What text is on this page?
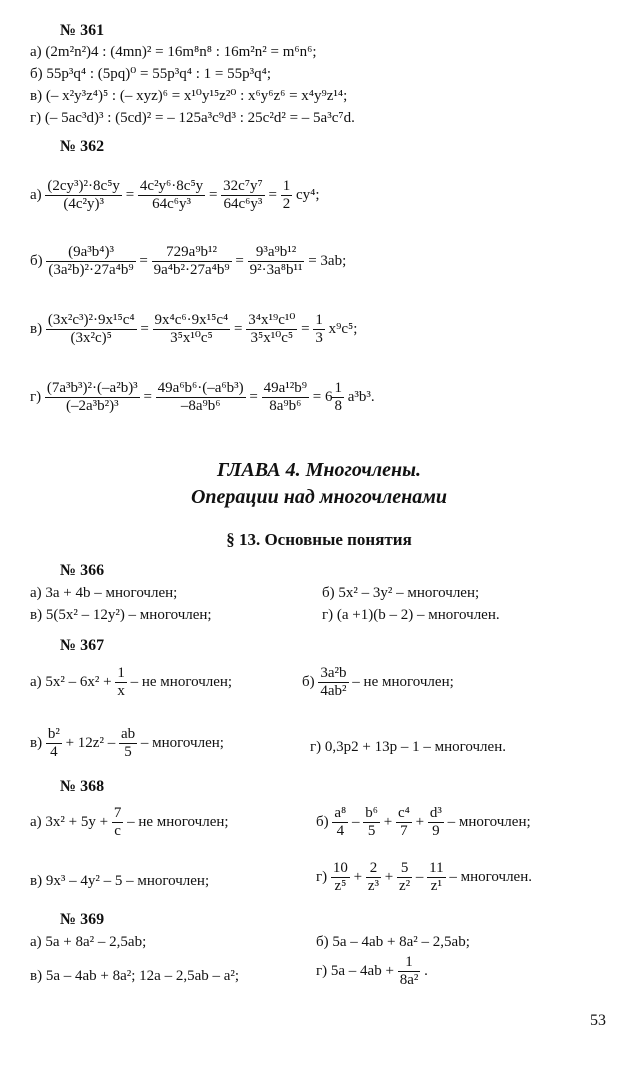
№ 361
а) (2m²n²)4 : (4mn)² = 16m⁸n⁸ : 16m²n² = m⁶n⁶;
б) 55p³q⁴ : (5pq)⁰ = 55p³q⁴ : 1 = 55p³q⁴;
в) (– x²y³z⁴)⁵ : (– xyz)⁶ = x¹⁰y¹⁵z²⁰ : x⁶y⁶z⁶ = x⁴y⁹z¹⁴;
г) (– 5ac³d)³ : (5cd)² = – 125a³c⁹d³ : 25c²d² = – 5a³c⁷d.
№ 362
$а) \frac{\text{(2cy³)²·8c⁵y}}{\text{(4c²y)³}} = \frac{\text{4c²y⁶·8c⁵y}}{\text{64c⁶y³}} = \frac{\text{32c⁷y⁷}}{\text{64c⁶y³}} = \frac{1}{2} cy^4$;
$б) \frac{\text{(9a³b⁴)³}}{\text{(3a²b)²·27a⁴b⁹}} = \frac{\text{729a⁹b¹²}}{\text{9a⁴b²·27a⁴b⁹}} = \frac{\text{9³a⁹b¹²}}{\text{9²·3a⁸b¹¹}} = 3ab$;
$в) \frac{\text{(3x²c³)²·9x¹⁵c⁴}}{\text{(3x²c)⁵}} = \frac{\text{9x⁴c⁶·9x¹⁵c⁴}}{\text{3⁵x¹⁰c⁵}} = \frac{\text{3⁴x¹⁹c¹⁰}}{\text{3⁵x¹⁰c⁵}} = \frac{1}{3} x^9c^5$;
$г) \frac{\text{(7a³b³)²·(–a²b)³}}{\text{(–2a³b²)³}} = \frac{\text{49a⁶b⁶·(–a⁶b³)}}{\text{–8a⁹b⁶}} = \frac{\text{49a¹²b⁹}}{\text{8a⁹b⁶}} = 6 \frac{1}{8} a^3b^3$.
ГЛАВА 4. Многочлены.
Операции над многочленами
§ 13. Основные понятия
№ 366
а) 3a + 4b – многочлен;	б) 5x² – 3y² – многочлен;
в) 5(5x² – 12y²) – многочлен;	г) (a +1)(b – 2) – многочлен.
№ 367
а) $5x^2 - 6x^2 + \frac{1}{x}$ – не многочлен;	$б) \frac{\text{3a²b}}{\text{4ab²}}$ – не многочлен;
$в) \frac{\text{b²}}{4} + 12z^2 - \frac{ab}{5}$ – многочлен;	г) 0,3p2 + 13p – 1 – многочлен.
№ 368
а) $3x^2 + 5y + \frac{7}{c}$ – не многочлен;	$б) \frac{\text{a⁸}}{4} - \frac{\text{b⁶}}{5} + \frac{\text{c⁴}}{7} + \frac{\text{d³}}{9}$ – многочлен;
в) 9x³ – 4y² – 5 – многочлен;	$г) \frac{10}{\text{z⁵}} + \frac{2}{\text{z³}} + \frac{5}{\text{z²}} - \frac{11}{\text{z¹}}$ – многочлен.
№ 369
а) 5a + 8a² – 2,5ab;	б) 5a – 4ab + 8a² – 2,5ab;
в) 5a – 4ab + 8a²; 12a – 2,5ab – a²;	г) $5a - 4ab + \frac{1}{\text{8a²}}$ .
53
